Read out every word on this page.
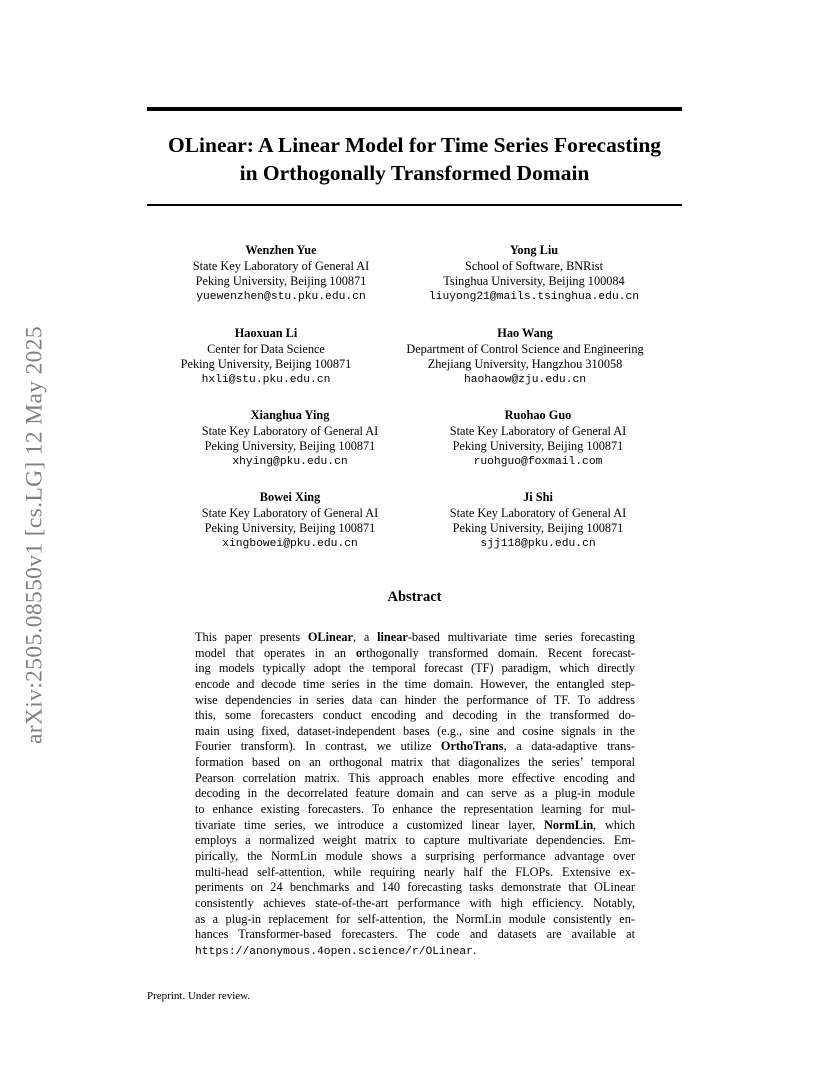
arXiv:2505.08550v1 [cs.LG] 12 May 2025
OLinear: A Linear Model for Time Series Forecasting
in Orthogonally Transformed Domain
Wenzhen Yue
State Key Laboratory of General AI
Peking University, Beijing 100871
yuewenzhen@stu.pku.edu.cn
Yong Liu
School of Software, BNRist
Tsinghua University, Beijing 100084
liuyong21@mails.tsinghua.edu.cn
Haoxuan Li
Center for Data Science
Peking University, Beijing 100871
hxli@stu.pku.edu.cn
Hao Wang
Department of Control Science and Engineering
Zhejiang University, Hangzhou 310058
haohaow@zju.edu.cn
Xianghua Ying
State Key Laboratory of General AI
Peking University, Beijing 100871
xhying@pku.edu.cn
Ruohao Guo
State Key Laboratory of General AI
Peking University, Beijing 100871
ruohguo@foxmail.com
Bowei Xing
State Key Laboratory of General AI
Peking University, Beijing 100871
xingbowei@pku.edu.cn
Ji Shi
State Key Laboratory of General AI
Peking University, Beijing 100871
sjj118@pku.edu.cn
Abstract
This paper presents OLinear, a linear-based multivariate time series forecasting
model that operates in an orthogonally transformed domain. Recent forecast-
ing models typically adopt the temporal forecast (TF) paradigm, which directly
encode and decode time series in the time domain. However, the entangled step-
wise dependencies in series data can hinder the performance of TF. To address
this, some forecasters conduct encoding and decoding in the transformed do-
main using fixed, dataset-independent bases (e.g., sine and cosine signals in the
Fourier transform). In contrast, we utilize OrthoTrans, a data-adaptive trans-
formation based on an orthogonal matrix that diagonalizes the series’ temporal
Pearson correlation matrix. This approach enables more effective encoding and
decoding in the decorrelated feature domain and can serve as a plug-in module
to enhance existing forecasters. To enhance the representation learning for mul-
tivariate time series, we introduce a customized linear layer, NormLin, which
employs a normalized weight matrix to capture multivariate dependencies. Em-
pirically, the NormLin module shows a surprising performance advantage over
multi-head self-attention, while requiring nearly half the FLOPs. Extensive ex-
periments on 24 benchmarks and 140 forecasting tasks demonstrate that OLinear
consistently achieves state-of-the-art performance with high efficiency. Notably,
as a plug-in replacement for self-attention, the NormLin module consistently en-
hances Transformer-based forecasters. The code and datasets are available at
https://anonymous.4open.science/r/OLinear.
Preprint. Under review.
